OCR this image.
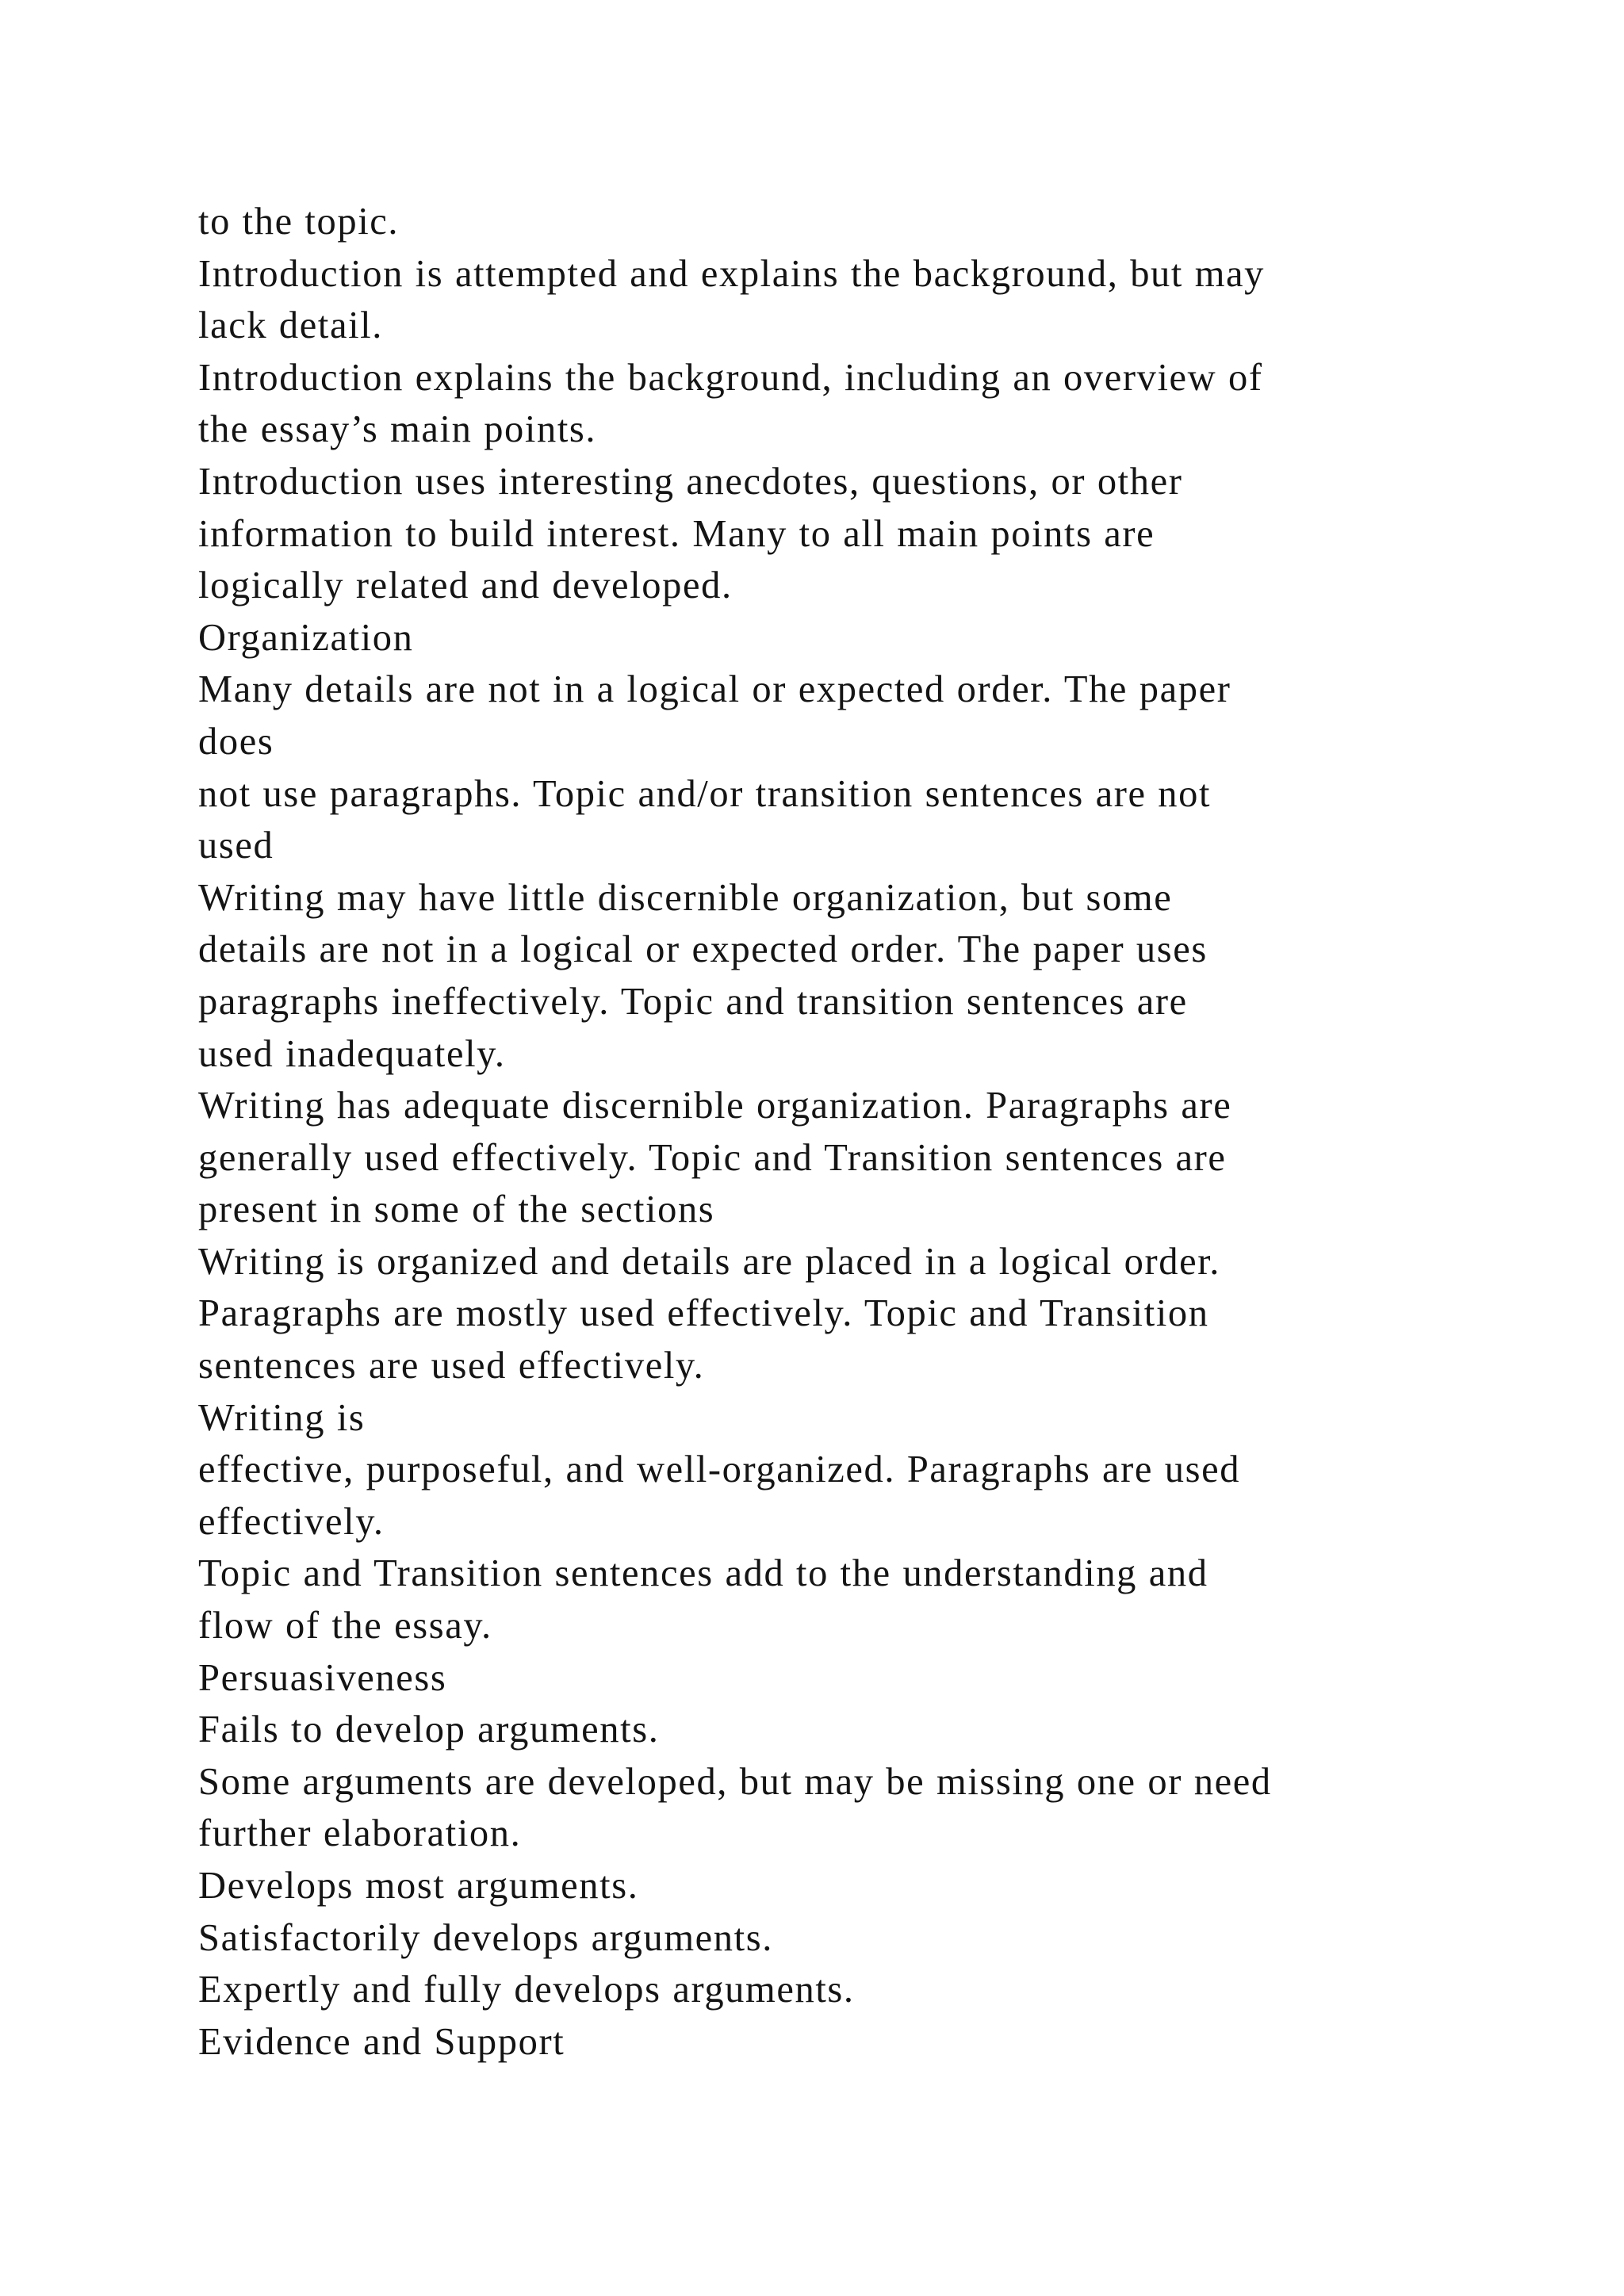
to the topic.
Introduction is attempted and explains the background, but may
lack detail.
Introduction explains the background, including an overview of
the essay’s main points.
Introduction uses interesting anecdotes, questions, or other
information to build interest. Many to all main points are
logically related and developed.
Organization
Many details are not in a logical or expected order. The paper
does
not use paragraphs. Topic and/or transition sentences are not
used
Writing may have little discernible organization, but some
details are not in a logical or expected order. The paper uses
paragraphs ineffectively. Topic and transition sentences are
used inadequately.
Writing has adequate discernible organization. Paragraphs are
generally used effectively. Topic and Transition sentences are
present in some of the sections
Writing is organized and details are placed in a logical order.
Paragraphs are mostly used effectively. Topic and Transition
sentences are used effectively.
Writing is
effective, purposeful, and well-organized. Paragraphs are used
effectively.
Topic and Transition sentences add to the understanding and
flow of the essay.
Persuasiveness
Fails to develop arguments.
Some arguments are developed, but may be missing one or need
further elaboration.
Develops most arguments.
Satisfactorily develops arguments.
Expertly and fully develops arguments.
Evidence and Support
